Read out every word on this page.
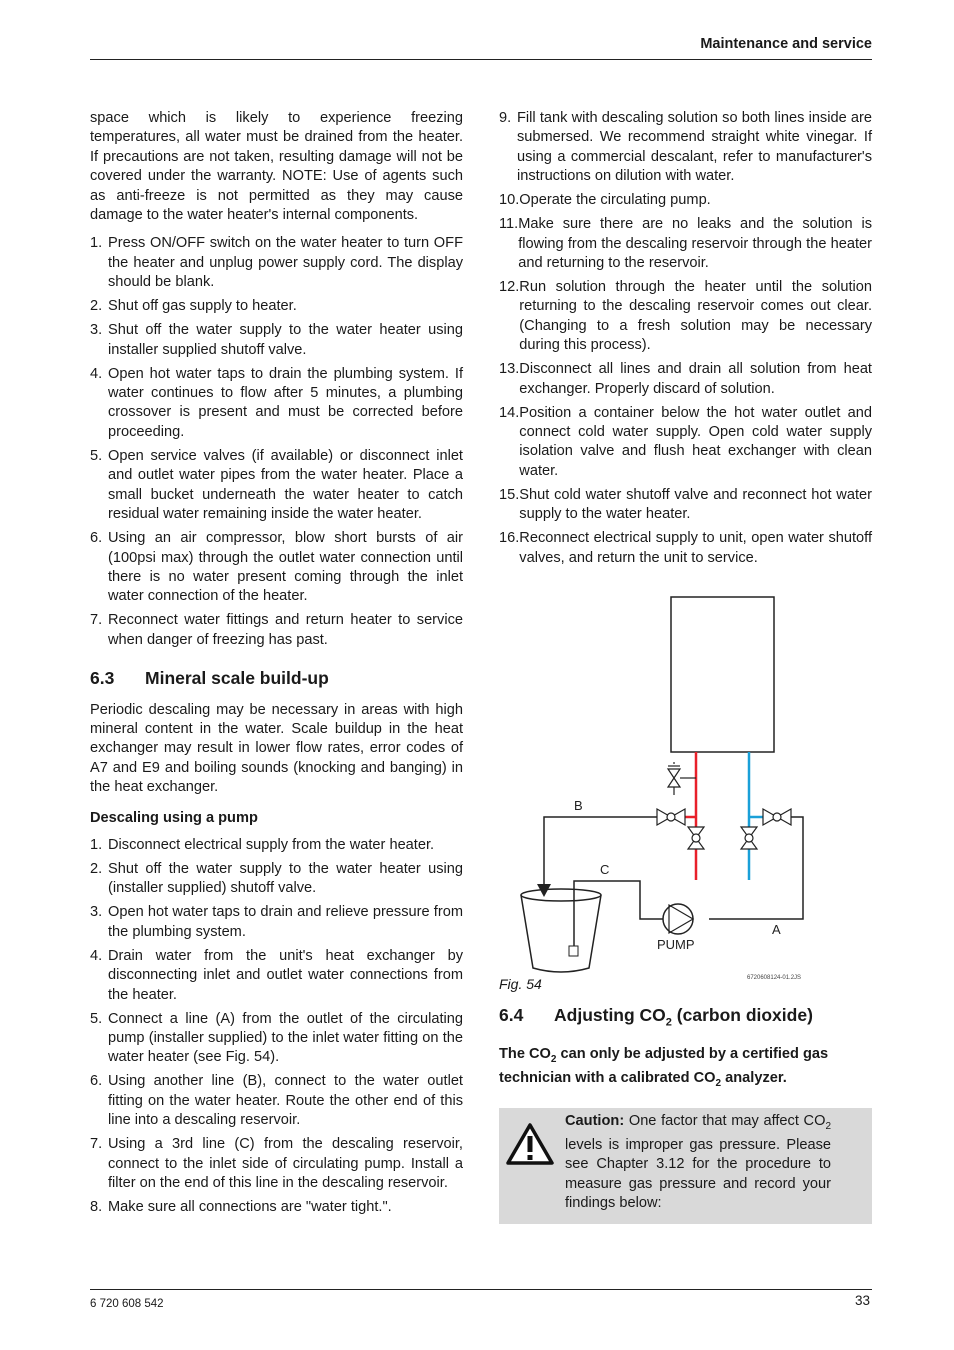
Maintenance and service

space which is likely to experience freezing temperatures, all water must be drained from the heater. If precautions are not taken, resulting damage will not be covered under the warranty. NOTE: Use of agents such as anti-freeze is not permitted as they may cause damage to the water heater's internal components.

1. Press ON/OFF switch on the water heater to turn OFF the heater and unplug power supply cord. The display should be blank.
2. Shut off gas supply to heater.
3. Shut off the water supply to the water heater using installer supplied shutoff valve.
4. Open hot water taps to drain the plumbing system. If water continues to flow after 5 minutes, a plumbing crossover is present and must be corrected before proceeding.
5. Open service valves (if available) or disconnect inlet and outlet water pipes from the water heater. Place a small bucket underneath the water heater to catch residual water remaining inside the water heater.
6. Using an air compressor, blow short bursts of air (100psi max) through the outlet water connection until there is no water present coming through the inlet water connection of the heater.
7. Reconnect water fittings and return heater to service when danger of freezing has past.
6.3	Mineral scale build-up

Periodic descaling may be necessary in areas with high mineral content in the water. Scale buildup in the heat exchanger may result in lower flow rates, error codes of A7 and E9 and boiling sounds (knocking and banging) in the heat exchanger.

Descaling using a pump
1. Disconnect electrical supply from the water heater.
2. Shut off the water supply to the water heater using (installer supplied) shutoff valve.
3. Open hot water taps to drain and relieve pressure from the plumbing system.
4. Drain water from the unit's heat exchanger by disconnecting inlet and outlet water connections from the heater.
5. Connect a line (A) from the outlet of the circulating pump (installer supplied) to the inlet water fitting on the water heater (see Fig. 54).
6. Using another line (B), connect to the water outlet fitting on the water heater. Route the other end of this line into a descaling reservoir.
7. Using a 3rd line (C) from the descaling reservoir, connect to the inlet side of circulating pump. Install a filter on the end of this line in the descaling reservoir.
8. Make sure all connections are "water tight.".
9. Fill tank with descaling solution so both lines inside are submersed. We recommend straight white vinegar. If using a commercial descalant, refer to manufacturer's instructions on dilution with water.
10. Operate the circulating pump.
11. Make sure there are no leaks and the solution is flowing from the descaling reservoir through the heater and returning to the reservoir.
12. Run solution through the heater until the solution returning to the descaling reservoir comes out clear. (Changing to a fresh solution may be necessary during this process).
13. Disconnect all lines and drain all solution from heat exchanger. Properly discard of solution.
14. Position a container below the hot water outlet and connect cold water supply. Open cold water supply isolation valve and flush heat exchanger with clean water.
15. Shut cold water shutoff valve and reconnect hot water supply to the water heater.
16. Reconnect electrical supply to unit, open water shutoff valves, and return the unit to service.
B
C
A
PUMP
6720608124-01.2JS
Fig. 54
6.4	Adjusting $CO_2$ (carbon dioxide)

The $CO_2$ can only be adjusted by a certified gas technician with a calibrated $CO_2$ analyzer.

Caution: One factor that may affect $CO_2$ levels is improper gas pressure. Please see Chapter 3.12 for the procedure to measure gas pressure and record your findings below:
6 720 608 542	33
